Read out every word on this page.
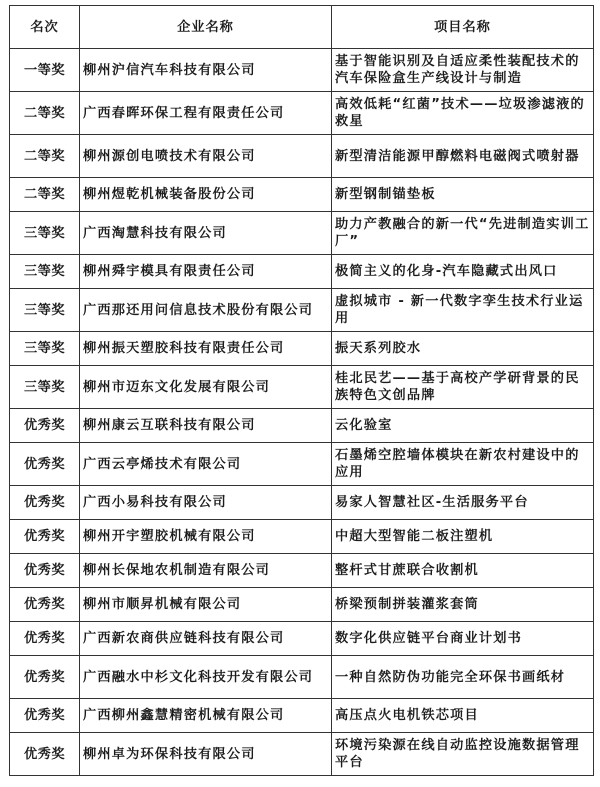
名次	企业名称	项目名称
一等奖	柳州沪信汽车科技有限公司	基于智能识别及自适应柔性装配技术的汽车保险盒生产线设计与制造
二等奖	广西春晖环保工程有限责任公司	高效低耗“红菌”技术——垃圾渗滤液的救星
二等奖	柳州源创电喷技术有限公司	新型清洁能源甲醇燃料电磁阀式喷射器
二等奖	柳州煜乾机械装备股份公司	新型钢制锚垫板
三等奖	广西淘慧科技有限公司	助力产教融合的新一代“先进制造实训工厂”
三等奖	柳州舜宇模具有限责任公司	极简主义的化身-汽车隐藏式出风口
三等奖	广西那还用问信息技术股份有限公司	虚拟城市 - 新一代数字孪生技术行业运用
三等奖	柳州振天塑胶科技有限责任公司	振天系列胶水
三等奖	柳州市迈东文化发展有限公司	桂北民艺——基于高校产学研背景的民族特色文创品牌
优秀奖	柳州康云互联科技有限公司	云化验室
优秀奖	广西云亭烯技术有限公司	石墨烯空腔墙体模块在新农村建设中的应用
优秀奖	广西小易科技有限公司	易家人智慧社区-生活服务平台
优秀奖	柳州开宇塑胶机械有限公司	中超大型智能二板注塑机
优秀奖	柳州长保地农机制造有限公司	整杆式甘蔗联合收割机
优秀奖	柳州市顺昇机械有限公司	桥梁预制拼装灌浆套筒
优秀奖	广西新农商供应链科技有限公司	数字化供应链平台商业计划书
优秀奖	广西融水中杉文化科技开发有限公司	一种自然防伪功能完全环保书画纸材
优秀奖	广西柳州鑫慧精密机械有限公司	高压点火电机铁芯项目
优秀奖	柳州卓为环保科技有限公司	环境污染源在线自动监控设施数据管理平台
